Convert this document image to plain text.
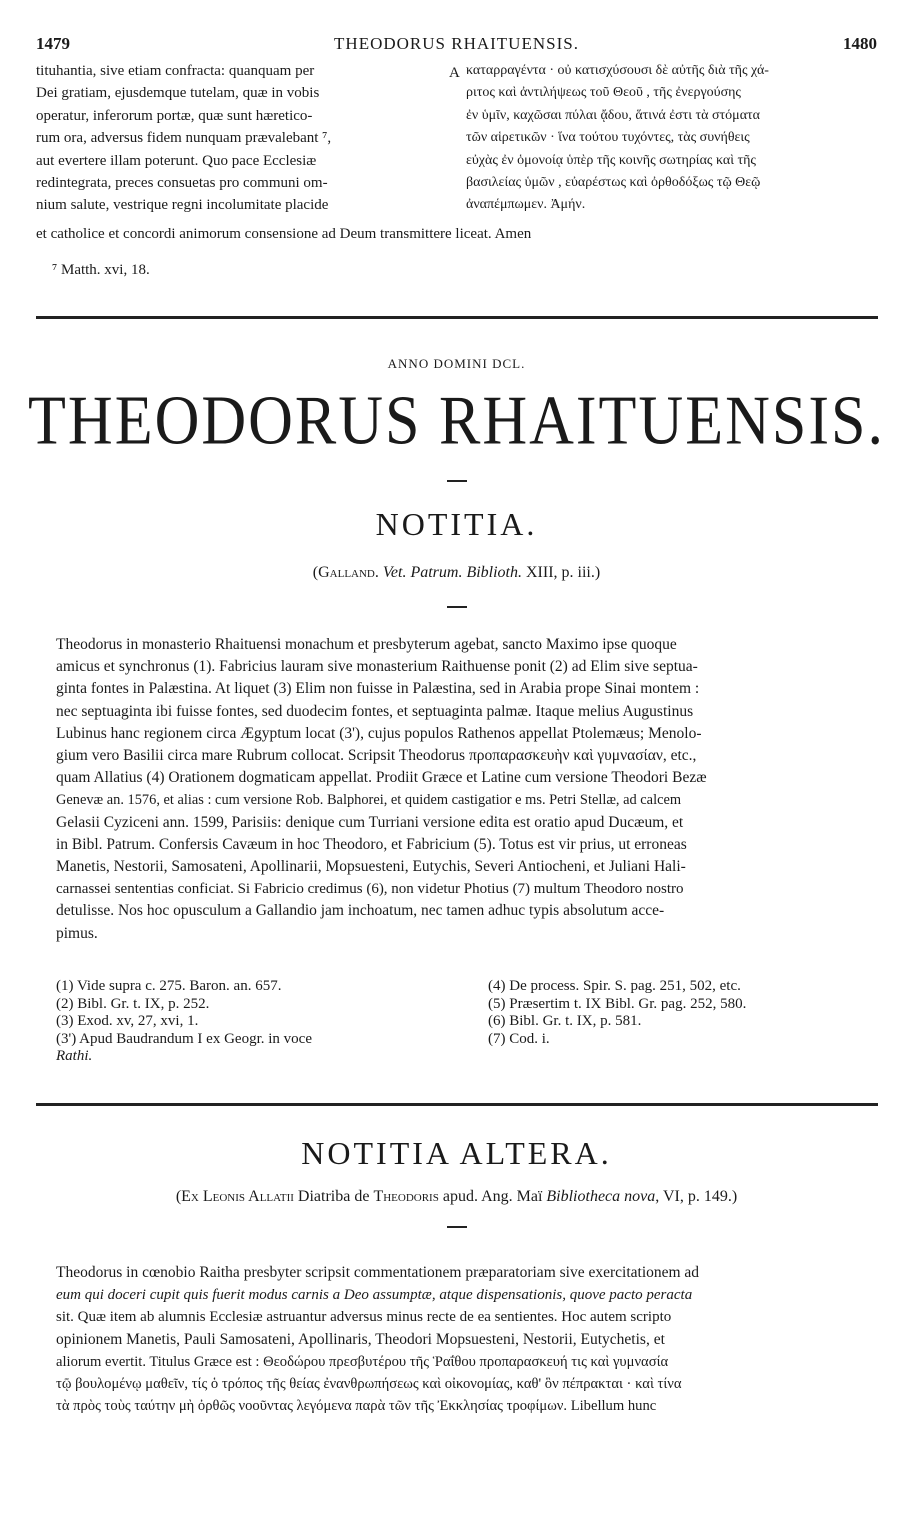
1479	THEODORUS RHAITUENSIS.	1480
tituhantia, sive etiam confracta: quanquam per
Dei gratiam, ejusdemque tutelam, quæ in vobis
operatur, inferorum portæ, quæ sunt hæretico-
rum ora, adversus fidem nunquam prævalebant ⁷,
aut evertere illam poterunt. Quo pace Ecclesiæ
redintegrata, preces consuetas pro communi om-
nium salute, vestrique regni incolumitate placide
A καταρραγέντα · οὐ κατισχύσουσι δὲ αὐτῆς διὰ τῆς χά-
ριτος καὶ ἀντιλήψεως τοῦ Θεοῦ , τῆς ἐνεργούσης
ἐν ὑμῖν, καχῶσαι πύλαι ᾄδου, ἅτινά ἐστι τὰ στόματα
τῶν αἱρετικῶν · ἵνα τούτου τυχόντες, τὰς συνήθεις
εὐχὰς ἐν ὁμονοίᾳ ὑπὲρ τῆς κοινῆς σωτηρίας καὶ τῆς
βασιλείας ὑμῶν , εὐαρέστως καὶ ὀρθοδόξως τῷ Θεῷ
ἀναπέμπωμεν. Ἀμήν.
et catholice et concordi animorum consensione ad Deum transmittere liceat. Amen
⁷ Matth. xvi, 18.
ANNO DOMINI DCL.
THEODORUS RHAITUENSIS.
NOTITIA.
(Galland. Vet. Patrum. Biblioth. XIII, p. iii.)
Theodorus in monasterio Rhaituensi monachum et presbyterum agebat, sancto Maximo ipse quoque
amicus et synchronus (1). Fabricius lauram sive monasterium Raithuense ponit (2) ad Elim sive septua-
ginta fontes in Palæstina. At liquet (3) Elim non fuisse in Palæstina, sed in Arabia prope Sinai montem :
nec septuaginta ibi fuisse fontes, sed duodecim fontes, et septuaginta palmæ. Itaque melius Augustinus
Lubinus hanc regionem circa Ægyptum locat (3'), cujus populos Rathenos appellat Ptolemæus; Menolo-
gium vero Basilii circa mare Rubrum collocat. Scripsit Theodorus προπαρασκευὴν καὶ γυμνασίαν, etc.,
quam Allatius (4) Orationem dogmaticam appellat. Prodiit Græce et Latine cum versione Theodori Bezæ
Genevæ an. 1576, et alias : cum versione Rob. Balphorei, et quidem castigatior e ms. Petri Stellæ, ad calcem
Gelasii Cyziceni ann. 1599, Parisiis: denique cum Turriani versione edita est oratio apud Ducæum, et
in Bibl. Patrum. Confersis Cavæum in hoc Theodoro, et Fabricium (5). Totus est vir prius, ut erroneas
Manetis, Nestorii, Samosateni, Apollinarii, Mopsuesteni, Eutychis, Severi Antiocheni, et Juliani Hali-
carnassei sententias conficiat. Si Fabricio credimus (6), non videtur Photius (7) multum Theodoro nostro
detulisse. Nos hoc opusculum a Gallandio jam inchoatum, nec tamen adhuc typis absolutum acce-
pimus.
(1) Vide supra c. 275. Baron. an. 657.
(2) Bibl. Gr. t. IX, p. 252.
(3) Exod. xv, 27, xvi, 1.
(3') Apud Baudrandum I ex Geogr. in voce
Rathi.
(4) De process. Spir. S. pag. 251, 502, etc.
(5) Præsertim t. IX Bibl. Gr. pag. 252, 580.
(6) Bibl. Gr. t. IX, p. 581.
(7) Cod. i.
NOTITIA ALTERA.
(Ex Leonis Allatii Diatriba de Theodoris apud. Ang. Maï Bibliotheca nova, VI, p. 149.)
Theodorus in cœnobio Raitha presbyter scripsit commentationem præparatoriam sive exercitationem ad
eum qui doceri cupit quis fuerit modus carnis a Deo assumptæ, atque dispensationis, quove pacto peracta
sit. Quæ item ab alumnis Ecclesiæ astruantur adversus minus recte de ea sentientes. Hoc autem scripto
opinionem Manetis, Pauli Samosateni, Apollinaris, Theodori Mopsuesteni, Nestorii, Eutychetis, et
aliorum evertit. Titulus Græce est : Θεοδώρου πρεσβυτέρου τῆς Ῥαΐθου προπαρασκευή τις καὶ γυμνασία
τῷ βουλομένῳ μαθεῖν, τίς ὁ τρόπος τῆς θείας ἐνανθρωπήσεως καὶ οἰκονομίας, καθ' ὃν πέπρακται · καὶ τίνα
τὰ πρὸς τοὺς ταύτην μὴ ὀρθῶς νοοῦντας λεγόμενα παρὰ τῶν τῆς Ἐκκλησίας τροφίμων. Libellum hunc
